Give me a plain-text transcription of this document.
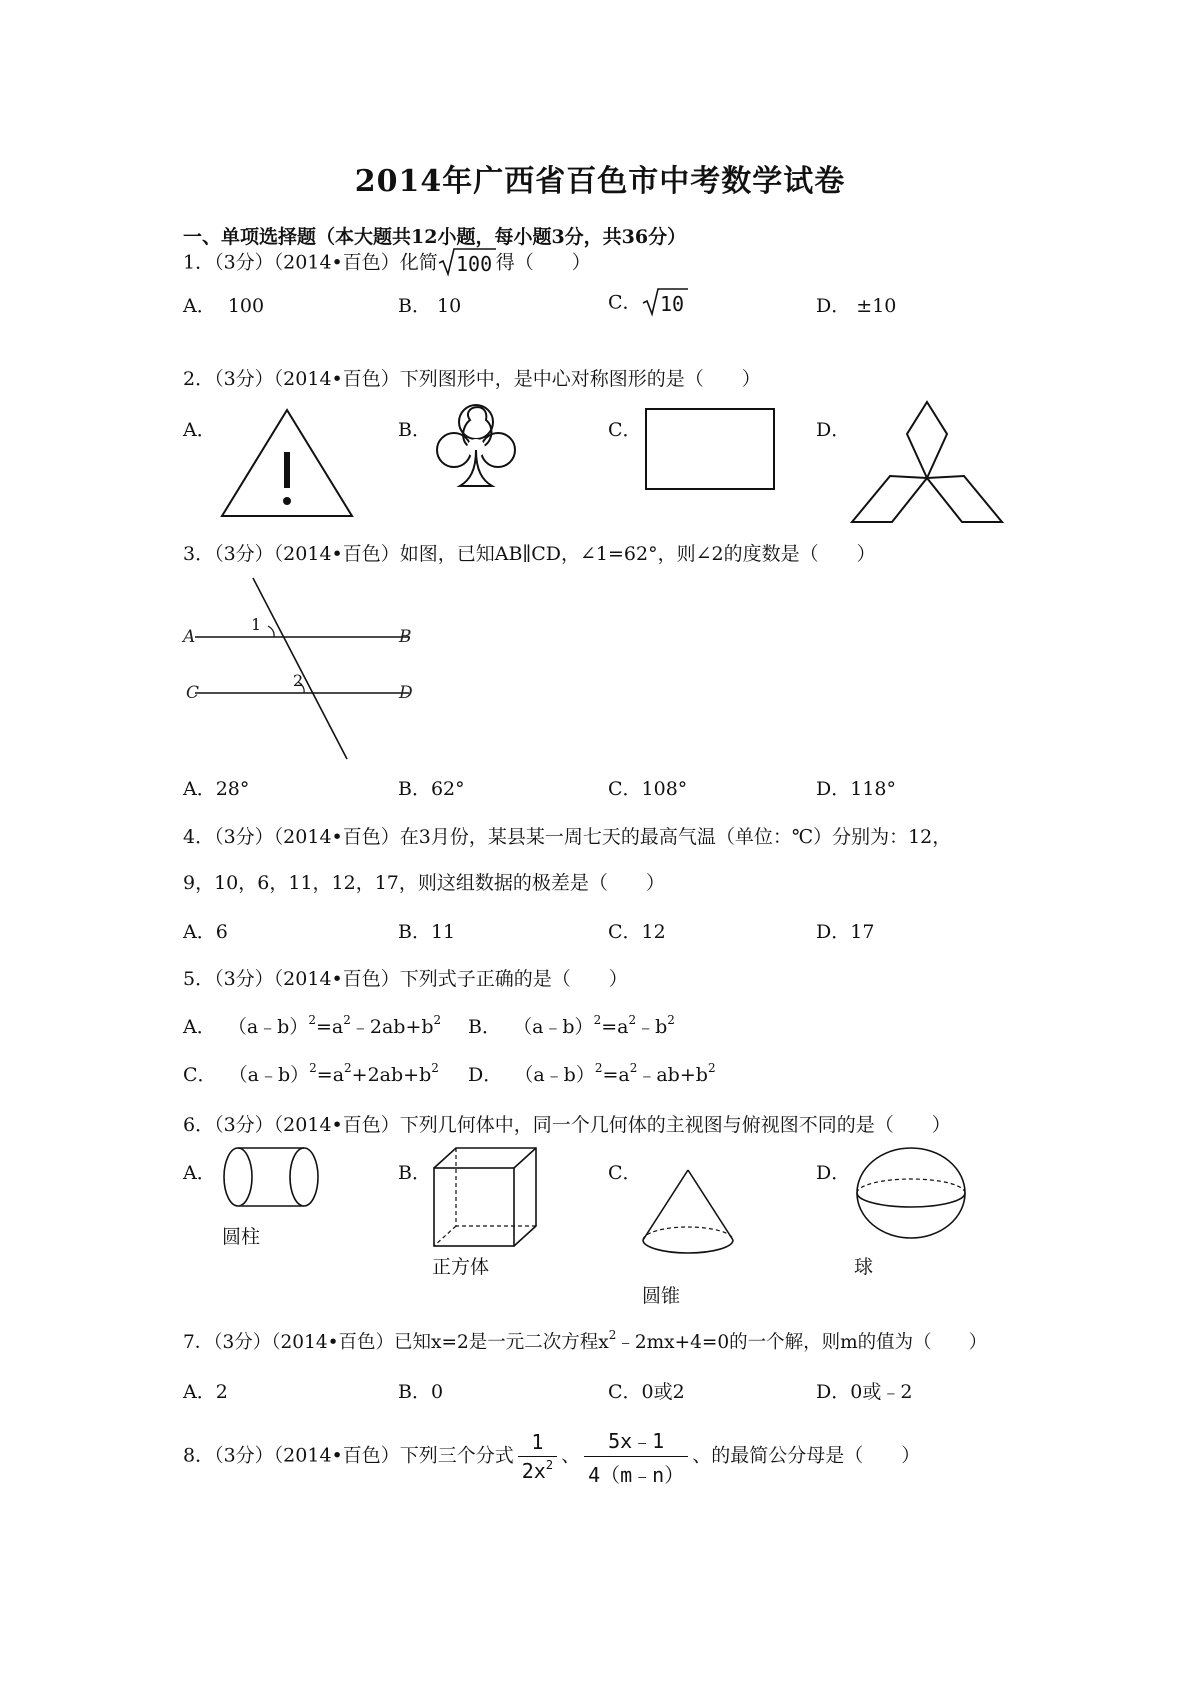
2014年广西省百色市中考数学试卷
一、单项选择题（本大题共12小题，每小题3分，共36分）
1．（3分）（2014•百色）化简 100 得（　　）
A． 100	B． 10	C． 10	D． ±10
2．（3分）（2014•百色）下列图形中，是中心对称图形的是（　　）
A．	B．	C．	D．
3．（3分）（2014•百色）如图，已知AB∥CD，∠1=62°，则∠2的度数是（　　）
A	B
C	D
1
2
A．28°	B．62°	C．108°	D．118°
4．（3分）（2014•百色）在3月份，某县某一周七天的最高气温（单位：℃）分别为：12，
9，10，6，11，12，17，则这组数据的极差是（　　）
A．6	B．11	C．12	D．17
5．（3分）（2014•百色）下列式子正确的是（　　）
A． $(a﹣b)^2=a^2﹣2ab+b^2$ B． $(a﹣b)^2=a^2﹣b^2$
C． $(a﹣b)^2=a^2+2ab+b^2$ D． $(a﹣b)^2=a^2﹣ab+b^2$
6．（3分）（2014•百色）下列几何体中，同一个几何体的主视图与俯视图不同的是（　　）
A．	B．	C．	D．
圆柱
正方体
圆锥
球
7．（3分）（2014•百色）已知x=2是一元二次方程$x^2﹣2mx+4=0$的一个解，则m的值为（　　）
A．2	B．0	C．0或2	D．0或﹣2
8．（3分）（2014•百色）下列三个分式 $\frac{1}{2x^2}$ 、 $\frac{5x﹣1}{4(m﹣n)}$ 、的最简公分母是（　　）
